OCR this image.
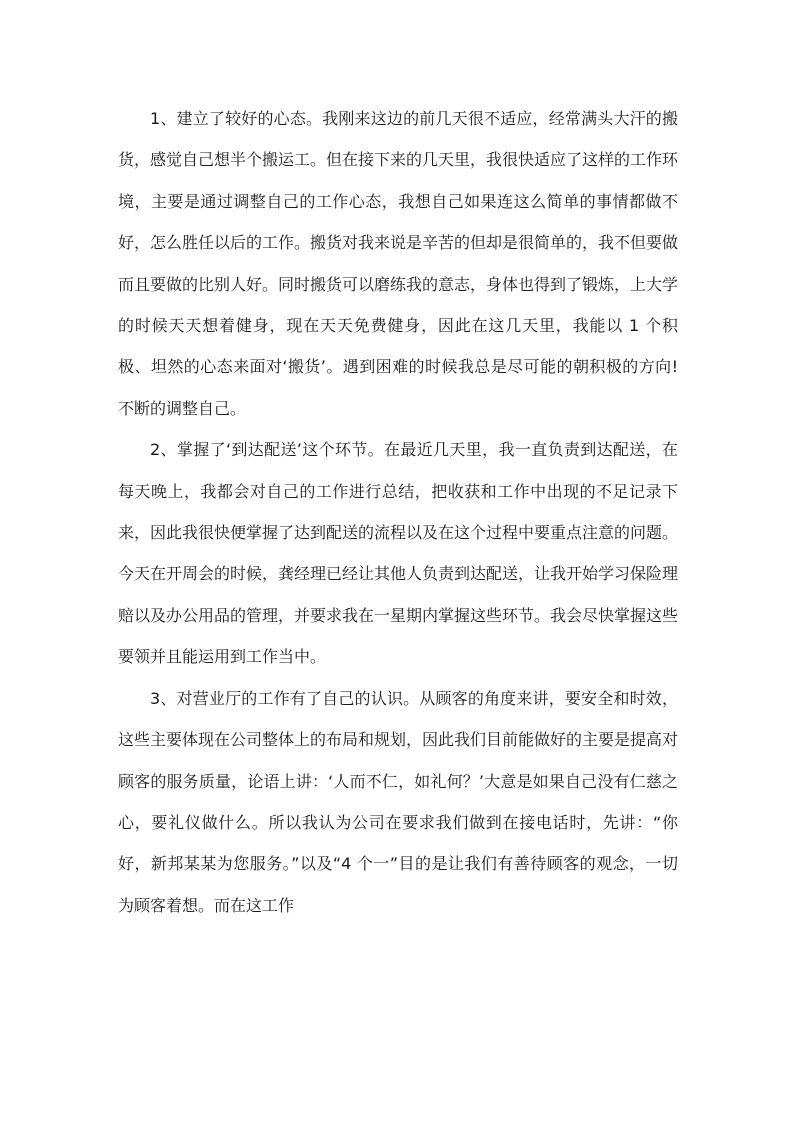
1、建立了较好的心态。我刚来这边的前几天很不适应，经常满头大汗的搬货，感觉自己想半个搬运工。但在接下来的几天里，我很快适应了这样的工作环境，主要是通过调整自己的工作心态，我想自己如果连这么简单的事情都做不好，怎么胜任以后的工作。搬货对我来说是辛苦的但却是很简单的，我不但要做而且要做的比别人好。同时搬货可以磨练我的意志，身体也得到了锻炼，上大学的时候天天想着健身，现在天天免费健身，因此在这几天里，我能以 1 个积极、坦然的心态来面对‘搬货’。遇到困难的时候我总是尽可能的朝积极的方向!不断的调整自己。

2、掌握了‘到达配送’这个环节。在最近几天里，我一直负责到达配送，在每天晚上，我都会对自己的工作进行总结，把收获和工作中出现的不足记录下来，因此我很快便掌握了达到配送的流程以及在这个过程中要重点注意的问题。今天在开周会的时候，龚经理已经让其他人负责到达配送，让我开始学习保险理赔以及办公用品的管理，并要求我在一星期内掌握这些环节。我会尽快掌握这些要领并且能运用到工作当中。

3、对营业厅的工作有了自己的认识。从顾客的角度来讲，要安全和时效，这些主要体现在公司整体上的布局和规划，因此我们目前能做好的主要是提高对顾客的服务质量，论语上讲：‘人而不仁，如礼何？’大意是如果自己没有仁慈之心，要礼仪做什么。所以我认为公司在要求我们做到在接电话时，先讲：“你好，新邦某某为您服务。”以及“4 个一”目的是让我们有善待顾客的观念，一切为顾客着想。而在这工作
